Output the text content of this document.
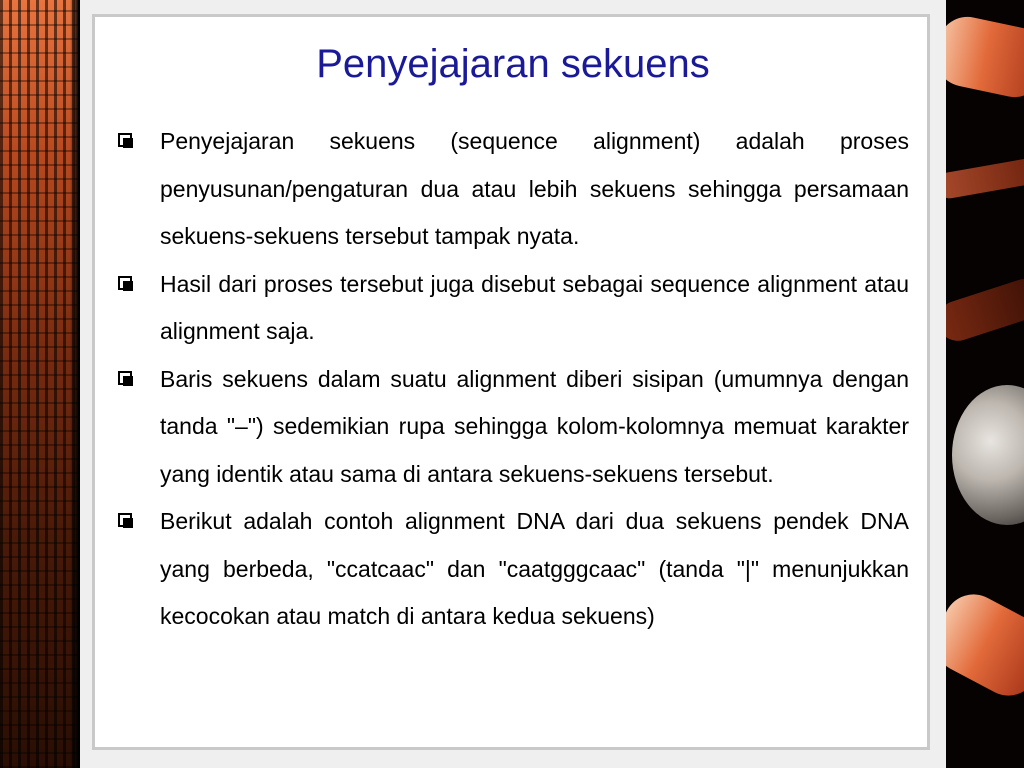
Penyejajaran sekuens
Penyejajaran sekuens (sequence alignment) adalah proses penyusunan/pengaturan dua atau lebih sekuens sehingga persamaan sekuens-sekuens tersebut tampak nyata.
Hasil dari proses tersebut juga disebut sebagai sequence alignment atau alignment saja.
Baris sekuens dalam suatu alignment diberi sisipan (umumnya dengan tanda "–") sedemikian rupa sehingga kolom-kolomnya memuat karakter yang identik atau sama di antara sekuens-sekuens tersebut.
Berikut adalah contoh alignment DNA dari dua sekuens pendek DNA yang berbeda, "ccatcaac" dan "caatgggcaac" (tanda "|" menunjukkan kecocokan atau match di antara kedua sekuens)
